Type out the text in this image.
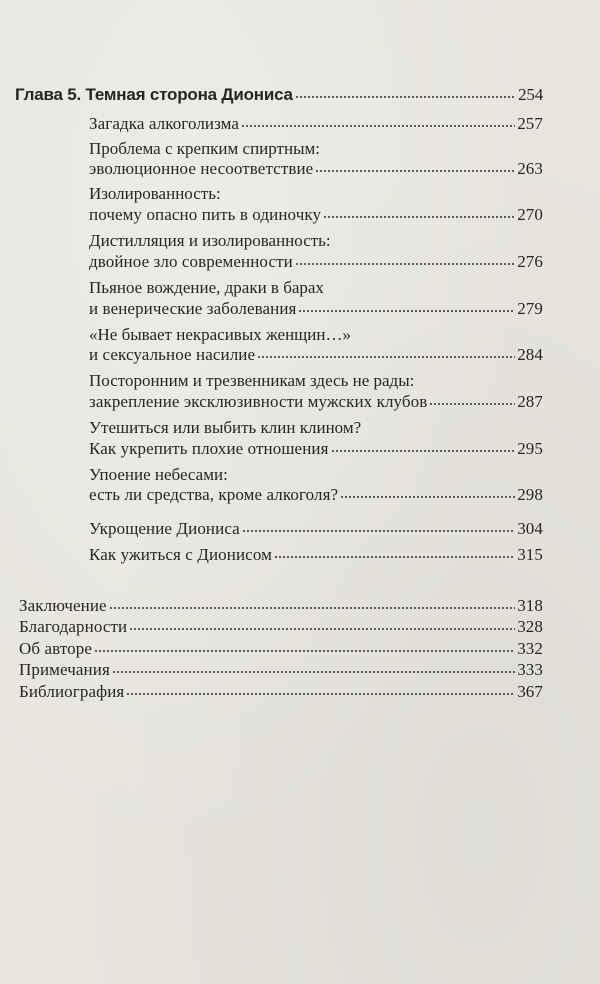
Глава 5. Темная сторона Диониса	254
Загадка алкоголизма	257
Проблема с крепким спиртным:
эволюционное несоответствие	263
Изолированность:
почему опасно пить в одиночку	270
Дистилляция и изолированность:
двойное зло современности	276
Пьяное вождение, драки в барах
и венерические заболевания	279
«Не бывает некрасивых женщин…»
и сексуальное насилие	284
Посторонним и трезвенникам здесь не рады:
закрепление эксклюзивности мужских клубов	287
Утешиться или выбить клин клином?
Как укрепить плохие отношения	295
Упоение небесами:
есть ли средства, кроме алкоголя?	298
Укрощение Диониса	304
Как ужиться с Дионисом	315
Заключение	318
Благодарности	328
Об авторе	332
Примечания	333
Библиография	367
